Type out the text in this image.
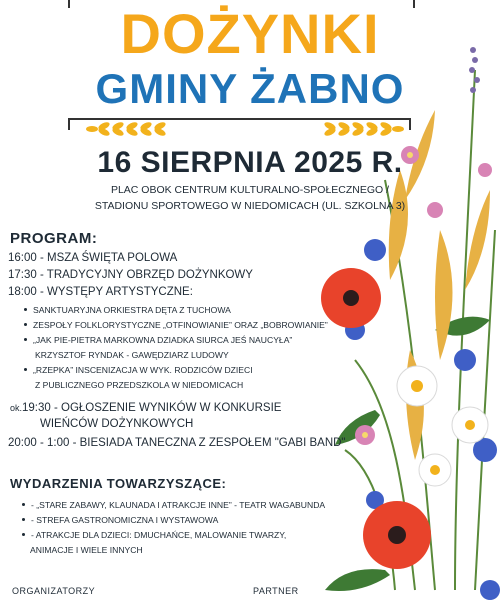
DOŻYNKI
GMINY ŻABNO
16 SIERPNIA 2025 R.
PLAC OBOK CENTRUM KULTURALNO-SPOŁECZNEGO /
STADIONU SPORTOWEGO W NIEDOMICACH (UL. SZKOLNA 3)
PROGRAM:
16:00 - MSZA ŚWIĘTA POLOWA
17:30 - TRADYCYJNY OBRZĘD DOŻYNKOWY
18:00 - WYSTĘPY ARTYSTYCZNE:
SANKTUARYJNA ORKIESTRA DĘTA Z TUCHOWA
ZESPOŁY FOLKLORYSTYCZNE „OTFINOWIANIE” ORAZ „BOBROWIANIE”
„JAK PIE-PIETRA MARKOWNA DZIADKA SIURCA JEŚ NAUCYŁA”
KRZYSZTOF RYNDAK - GAWĘDZIARZ LUDOWY
„RZEPKA” INSCENIZACJA W WYK. RODZICÓW DZIECI
Z PUBLICZNEGO PRZEDSZKOLA W NIEDOMICACH
ok.19:30 - OGŁOSZENIE WYNIKÓW W KONKURSIE
WIEŃCÓW DOŻYNKOWYCH
20:00 - 1:00 - BIESIADA TANECZNA Z ZESPOŁEM "GABI BAND"
WYDARZENIA TOWARZYSZĄCE:
- „STARE ZABAWY, KLAUNADA I ATRAKCJE INNE” - TEATR WAGABUNDA
- STREFA GASTRONOMICZNA I WYSTAWOWA
- ATRAKCJE DLA DZIECI: DMUCHAŃCE, MALOWANIE TWARZY,
ANIMACJE I WIELE INNYCH
ORGANIZATORZY	PARTNER
